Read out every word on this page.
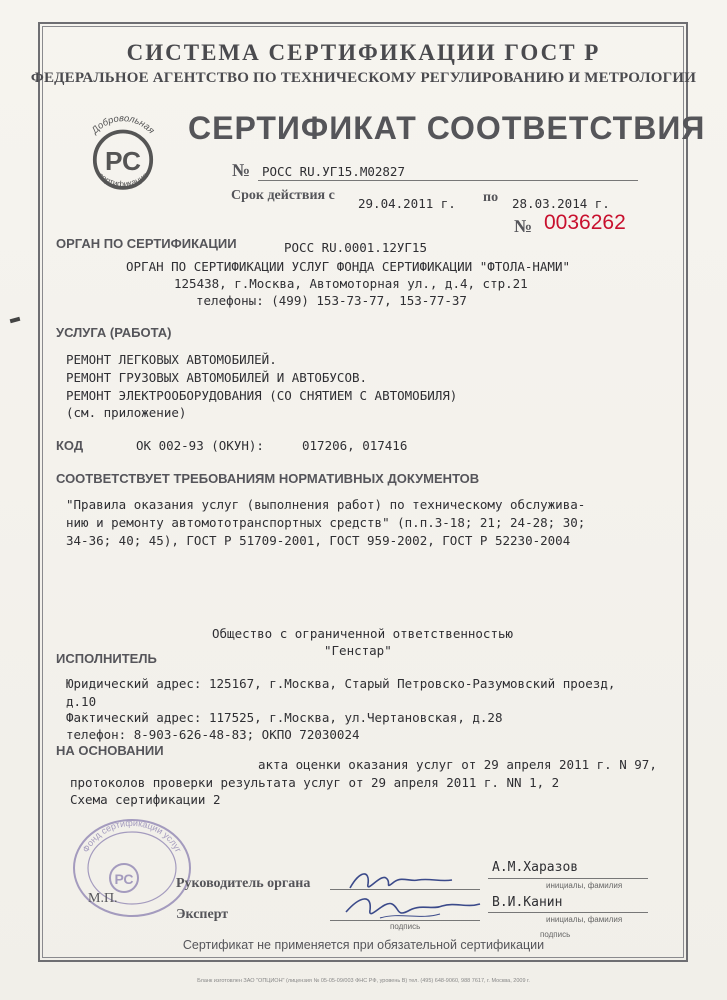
СИСТЕМА СЕРТИФИКАЦИИ ГОСТ Р
ФЕДЕРАЛЬНОЕ АГЕНТСТВО ПО ТЕХНИЧЕСКОМУ РЕГУЛИРОВАНИЮ И МЕТРОЛОГИИ
Добровольная
сертификация
РС
СЕРТИФИКАТ СООТВЕТСТВИЯ
№ РОСС RU.УГ15.М02827
Срок действия с
29.04.2011 г. по 28.03.2014 г.
№ 0036262
ОРГАН ПО СЕРТИФИКАЦИИ	РОСС RU.0001.12УГ15
ОРГАН ПО СЕРТИФИКАЦИИ УСЛУГ ФОНДА СЕРТИФИКАЦИИ "ФТОЛА-НАМИ"
125438, г.Москва, Автомоторная ул., д.4, стр.21
телефоны: (499) 153-73-77, 153-77-37
УСЛУГА (РАБОТА)
РЕМОНТ ЛЕГКОВЫХ АВТОМОБИЛЕЙ.
РЕМОНТ ГРУЗОВЫХ АВТОМОБИЛЕЙ И АВТОБУСОВ.
РЕМОНТ ЭЛЕКТРООБОРУДОВАНИЯ (СО СНЯТИЕМ С АВТОМОБИЛЯ)
(см. приложение)
КОД	ОК 002-93 (ОКУН):	017206, 017416
СООТВЕТСТВУЕТ ТРЕБОВАНИЯМ НОРМАТИВНЫХ ДОКУМЕНТОВ
"Правила оказания услуг (выполнения работ) по техническому обслужива-
нию и ремонту автомототранспортных средств" (п.п.3-18; 21; 24-28; 30;
34-36; 40; 45), ГОСТ Р 51709-2001, ГОСТ 959-2002, ГОСТ Р 52230-2004
Общество с ограниченной ответственностью
"Генстар"
ИСПОЛНИТЕЛЬ
Юридический адрес: 125167, г.Москва, Старый Петровско-Разумовский проезд,
д.10
Фактический адрес: 117525, г.Москва, ул.Чертановская, д.28
телефон: 8-903-626-48-83; ОКПО 72030024
НА ОСНОВАНИИ
акта оценки оказания услуг от 29 апреля 2011 г. N 97,
протоколов проверки результата услуг от 29 апреля 2011 г. NN 1, 2
Схема сертификации 2
Фонд сертификации услуг
РС
М.П.
Руководитель органа
Эксперт
подпись
А.М.Харазов
инициалы, фамилия
В.И.Канин
инициалы, фамилия
подпись
Сертификат не применяется при обязательной сертификации
Бланк изготовлен ЗАО "ОПЦИОН" (лицензия № 05-05-09/003 ФНС РФ, уровень В) тел. (495) 648-9060, 988 7617, г. Москва, 2009 г.
